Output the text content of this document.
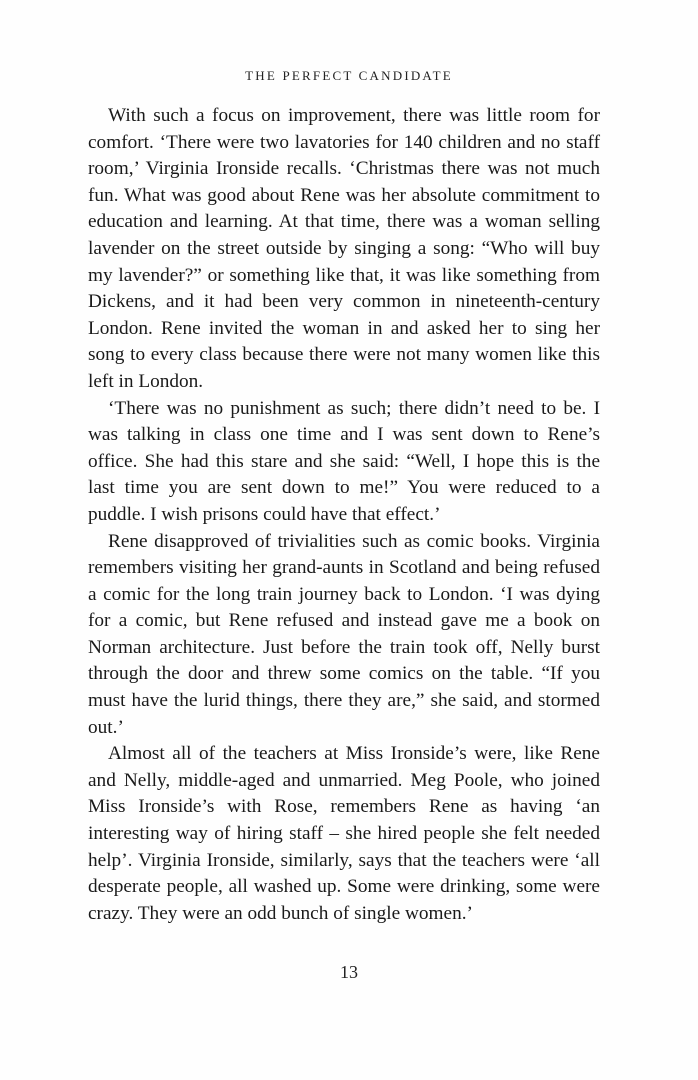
THE PERFECT CANDIDATE

With such a focus on improvement, there was little room for comfort. ‘There were two lavatories for 140 children and no staff room,’ Virginia Ironside recalls. ‘Christmas there was not much fun. What was good about Rene was her absolute commitment to education and learning. At that time, there was a woman selling lavender on the street outside by singing a song: “Who will buy my lavender?” or something like that, it was like something from Dickens, and it had been very common in nineteenth-century London. Rene invited the woman in and asked her to sing her song to every class because there were not many women like this left in London.

‘There was no punishment as such; there didn’t need to be. I was talking in class one time and I was sent down to Rene’s office. She had this stare and she said: “Well, I hope this is the last time you are sent down to me!” You were reduced to a puddle. I wish prisons could have that effect.’

Rene disapproved of trivialities such as comic books. Virginia remembers visiting her grand-aunts in Scotland and being refused a comic for the long train journey back to London. ‘I was dying for a comic, but Rene refused and instead gave me a book on Norman architecture. Just before the train took off, Nelly burst through the door and threw some comics on the table. “If you must have the lurid things, there they are,” she said, and stormed out.’

Almost all of the teachers at Miss Ironside’s were, like Rene and Nelly, middle-aged and unmarried. Meg Poole, who joined Miss Ironside’s with Rose, remembers Rene as having ‘an interesting way of hiring staff – she hired people she felt needed help’. Virginia Ironside, similarly, says that the teachers were ‘all desperate people, all washed up. Some were drinking, some were crazy. They were an odd bunch of single women.’

13
